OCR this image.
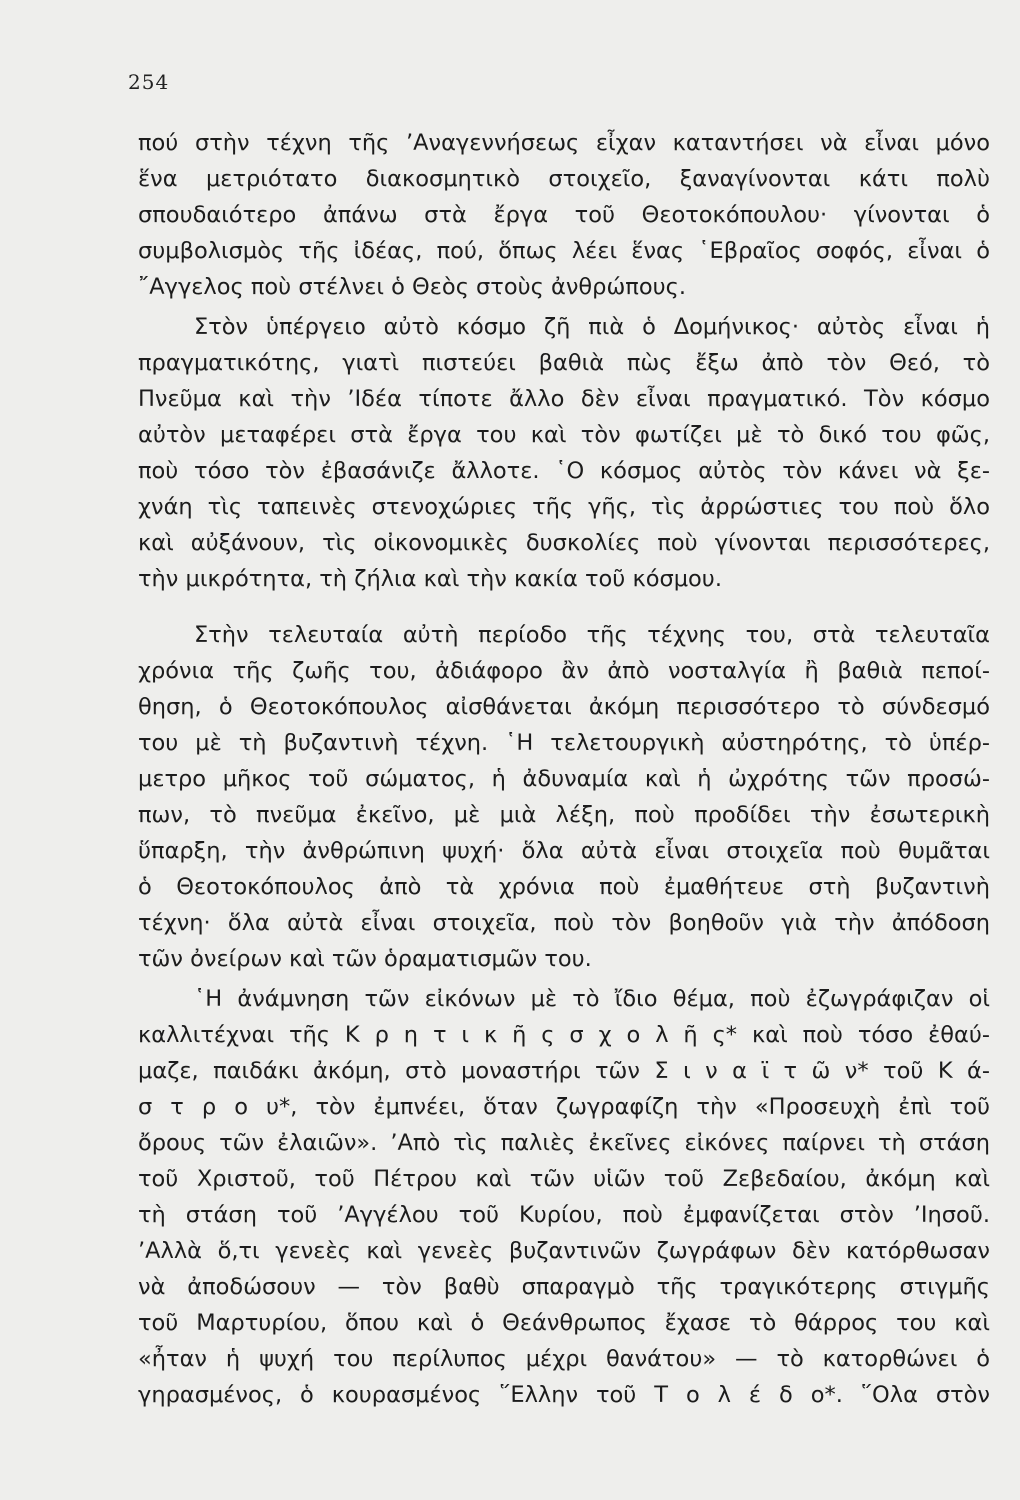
254
πού στὴν τέχνη τῆς ’Αναγεννήσεως εἶχαν καταντήσει νὰ εἶναι μόνο
ἕνα μετριότατο διακοσμητικὸ στοιχεῖο, ξαναγίνονται κάτι πολὺ
σπουδαιότερο ἀπάνω στὰ ἔργα τοῦ Θεοτοκόπουλου· γίνονται ὁ
συμβολισμὸς τῆς ἰδέας, πού, ὅπως λέει ἕνας ῾Εβραῖος σοφός, εἶναι ὁ
῎Αγγελος ποὺ στέλνει ὁ Θεὸς στοὺς ἀνθρώπους.
Στὸν ὑπέργειο αὐτὸ κόσμο ζῆ πιὰ ὁ Δομήνικος· αὐτὸς εἶναι ἡ
πραγματικότης, γιατὶ πιστεύει βαθιὰ πὼς ἔξω ἀπὸ τὸν Θεό, τὸ
Πνεῦμα καὶ τὴν ’Ιδέα τίποτε ἄλλο δὲν εἶναι πραγματικό. Τὸν κόσμο
αὐτὸν μεταφέρει στὰ ἔργα του καὶ τὸν φωτίζει μὲ τὸ δικό του φῶς,
ποὺ τόσο τὸν ἐβασάνιζε ἄλλοτε. ῾Ο κόσμος αὐτὸς τὸν κάνει νὰ ξε-
χνάη τὶς ταπεινὲς στενοχώριες τῆς γῆς, τὶς ἀρρώστιες του ποὺ ὅλο
καὶ αὐξάνουν, τὶς οἰκονομικὲς δυσκολίες ποὺ γίνονται περισσότερες,
τὴν μικρότητα, τὴ ζήλια καὶ τὴν κακία τοῦ κόσμου.
Στὴν τελευταία αὐτὴ περίοδο τῆς τέχνης του, στὰ τελευταῖα
χρόνια τῆς ζωῆς του, ἀδιάφορο ἂν ἀπὸ νοσταλγία ἢ βαθιὰ πεποί-
θηση, ὁ Θεοτοκόπουλος αἰσθάνεται ἀκόμη περισσότερο τὸ σύνδεσμό
του μὲ τὴ βυζαντινὴ τέχνη. ῾Η τελετουργικὴ αὐστηρότης, τὸ ὑπέρ-
μετρο μῆκος τοῦ σώματος, ἡ ἀδυναμία καὶ ἡ ὠχρότης τῶν προσώ-
πων, τὸ πνεῦμα ἐκεῖνο, μὲ μιὰ λέξη, ποὺ προδίδει τὴν ἐσωτερικὴ
ὕπαρξη, τὴν ἀνθρώπινη ψυχή· ὅλα αὐτὰ εἶναι στοιχεῖα ποὺ θυμᾶται
ὁ Θεοτοκόπουλος ἀπὸ τὰ χρόνια ποὺ ἐμαθήτευε στὴ βυζαντινὴ
τέχνη· ὅλα αὐτὰ εἶναι στοιχεῖα, ποὺ τὸν βοηθοῦν γιὰ τὴν ἀπόδοση
τῶν ὀνείρων καὶ τῶν ὁραματισμῶν του.
῾Η ἀνάμνηση τῶν εἰκόνων μὲ τὸ ἴδιο θέμα, ποὺ ἐζωγράφιζαν οἱ
καλλιτέχναι τῆς Κ ρ η τ ι κ ῆ ς σ χ ο λ ῆ ς* καὶ ποὺ τόσο ἐθαύ-
μαζε, παιδάκι ἀκόμη, στὸ μοναστήρι τῶν Σ ι ν α ϊ τ ῶ ν* τοῦ Κ ά-
σ τ ρ ο υ*, τὸν ἐμπνέει, ὅταν ζωγραφίζη τὴν «Προσευχὴ ἐπὶ τοῦ
ὄρους τῶν ἐλαιῶν». ’Απὸ τὶς παλιὲς ἐκεῖνες εἰκόνες παίρνει τὴ στάση
τοῦ Χριστοῦ, τοῦ Πέτρου καὶ τῶν υἱῶν τοῦ Ζεβεδαίου, ἀκόμη καὶ
τὴ στάση τοῦ ’Αγγέλου τοῦ Κυρίου, ποὺ ἐμφανίζεται στὸν ’Ιησοῦ.
’Αλλὰ ὅ,τι γενεὲς καὶ γενεὲς βυζαντινῶν ζωγράφων δὲν κατόρθωσαν
νὰ ἀποδώσουν — τὸν βαθὺ σπαραγμὸ τῆς τραγικότερης στιγμῆς
τοῦ Μαρτυρίου, ὅπου καὶ ὁ Θεάνθρωπος ἔχασε τὸ θάρρος του καὶ
«ἦταν ἡ ψυχή του περίλυπος μέχρι θανάτου» — τὸ κατορθώνει ὁ
γηρασμένος, ὁ κουρασμένος ῞Ελλην τοῦ Τ ο λ έ δ ο*. ῞Ολα στὸν
